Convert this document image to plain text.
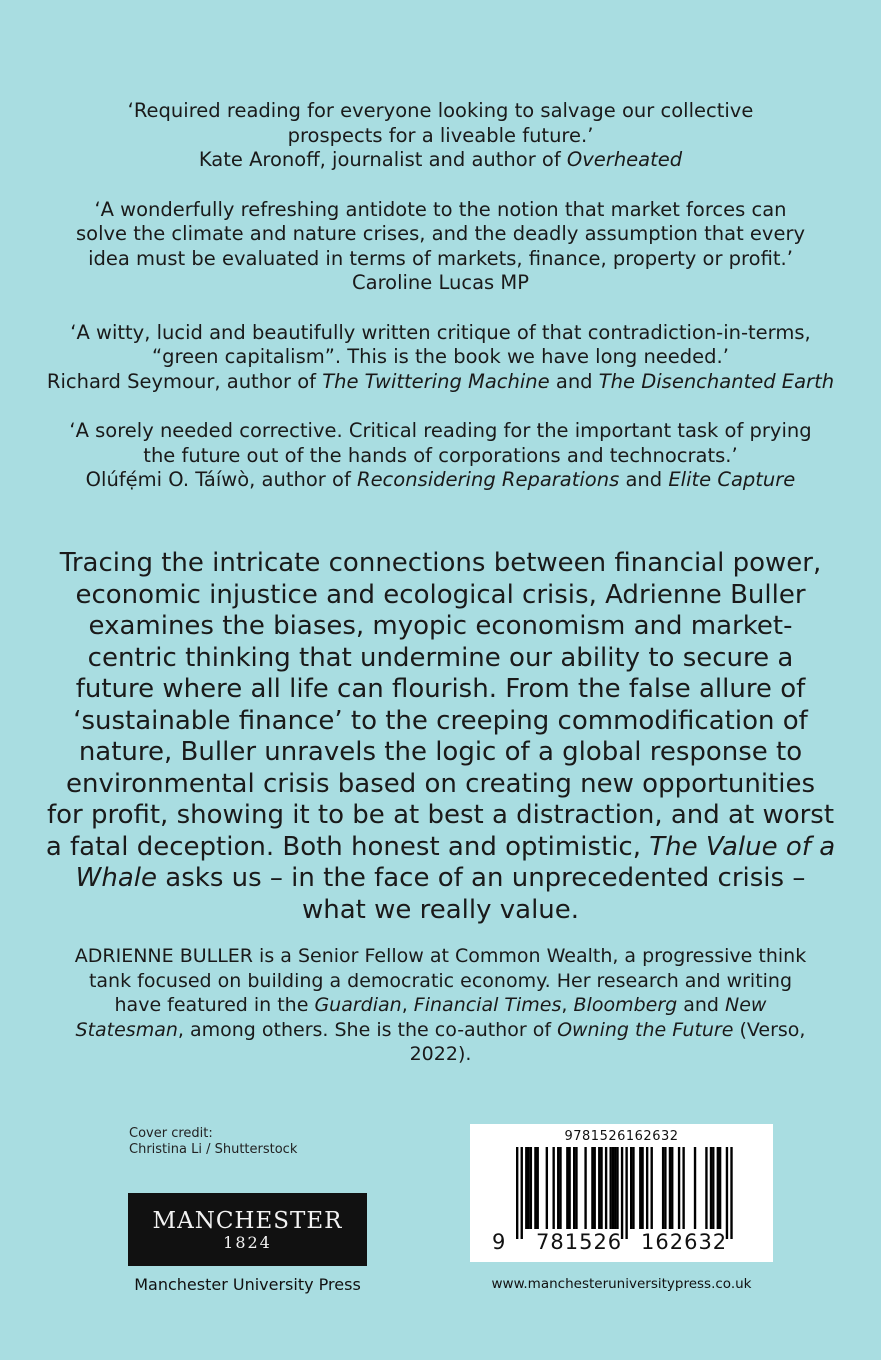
‘Required reading for everyone looking to salvage our collective

prospects for a liveable future.’

Kate Aronoff, journalist and author of Overheated

‘A wonderfully refreshing antidote to the notion that market forces can

solve the climate and nature crises, and the deadly assumption that every

idea must be evaluated in terms of markets, finance, property or profit.’

Caroline Lucas MP

‘A witty, lucid and beautifully written critique of that contradiction-in-terms,

“green capitalism”. This is the book we have long needed.’

Richard Seymour, author of The Twittering Machine and The Disenchanted Earth

‘A sorely needed corrective. Critical reading for the important task of prying

the future out of the hands of corporations and technocrats.’

Olúfẹ́mi O. Táíwò, author of Reconsidering Reparations and Elite Capture
Tracing the intricate connections between financial power, economic injustice and ecological crisis, Adrienne Buller examines the biases, myopic economism and market-centric thinking that undermine our ability to secure a future where all life can flourish. From the false allure of ‘sustainable finance’ to the creeping commodification of nature, Buller unravels the logic of a global response to environmental crisis based on creating new opportunities for profit, showing it to be at best a distraction, and at worst a fatal deception. Both honest and optimistic, The Value of a Whale asks us – in the face of an unprecedented crisis – what we really value.
ADRIENNE BULLER is a Senior Fellow at Common Wealth, a progressive think tank focused on building a democratic economy. Her research and writing have featured in the Guardian, Financial Times, Bloomberg and New Statesman, among others. She is the co-author of Owning the Future (Verso, 2022).
Cover credit:
Christina Li / Shutterstock
MANCHESTER
1824
Manchester University Press
9781526162632
9 781526 162632
www.manchesteruniversitypress.co.uk
